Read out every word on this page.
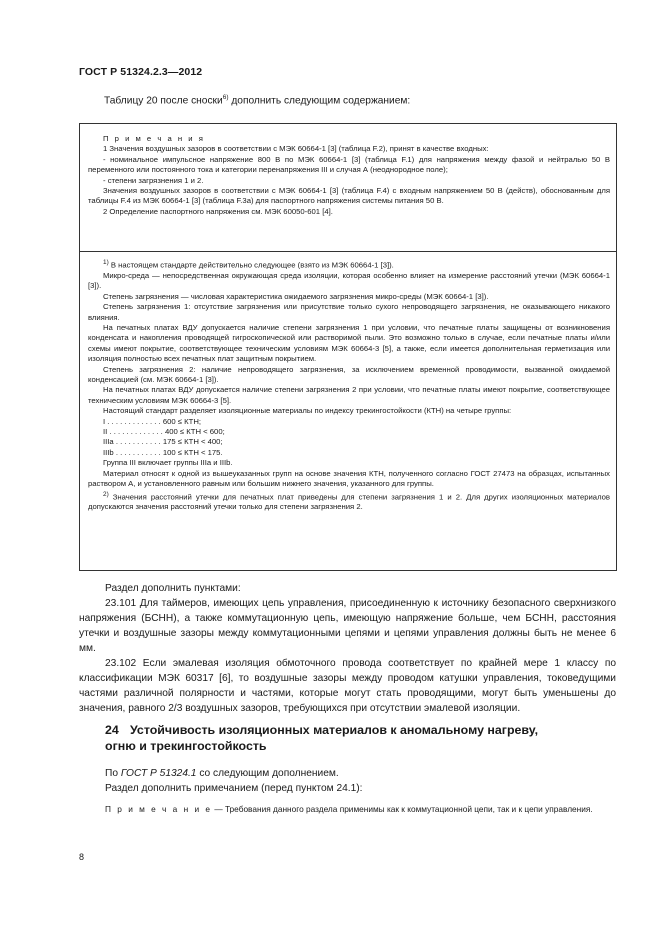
ГОСТ Р 51324.2.3—2012
Таблицу 20 после сноски$^{6)}$ дополнить следующим содержанием:

П р и м е ч а н и я

1 Значения воздушных зазоров в соответствии с МЭК 60664-1 [3] (таблица F.2), принят в качестве входных:

- номинальное импульсное напряжение 800 В по МЭК 60664-1 [3] (таблица F.1) для напряжения между фазой и нейтралью 50 В переменного или постоянного тока и категории перенапряжения III и случая А (неоднородное поле);

- степени загрязнения 1 и 2.

Значения воздушных зазоров в соответствии с МЭК 60664-1 [3] (таблица F.4) с входным напряжением 50 В (действ), обоснованным для таблицы F.4 из МЭК 60664-1 [3] (таблица F.3а) для паспортного напряжения системы питания 50 В.

2 Определение паспортного напряжения см. МЭК 60050-601 [4].

$^{1)}$ В настоящем стандарте действительно следующее (взято из МЭК 60664-1 [3]).

Микро-среда — непосредственная окружающая среда изоляции, которая особенно влияет на измерение расстояний утечки (МЭК 60664-1 [3]).

Степень загрязнения — числовая характеристика ожидаемого загрязнения микро-среды (МЭК 60664-1 [3]).

Степень загрязнения 1: отсутствие загрязнения или присутствие только сухого непроводящего загрязнения, не оказывающего никакого влияния.

На печатных платах ВДУ допускается наличие степени загрязнения 1 при условии, что печатные платы защищены от возникновения конденсата и накопления проводящей гигроскопической или растворимой пыли. Это возможно только в случае, если печатные платы и/или схемы имеют покрытие, соответствующее техническим условиям МЭК 60664-3 [5], а также, если имеется дополнительная герметизация или изоляция полностью всех печатных плат защитным покрытием.

Степень загрязнения 2: наличие непроводящего загрязнения, за исключением временной проводимости, вызванной ожидаемой конденсацией (см. МЭК 60664-1 [3]).

На печатных платах ВДУ допускается наличие степени загрязнения 2 при условии, что печатные платы имеют покрытие, соответствующее техническим условиям МЭК 60664-3 [5].

Настоящий стандарт разделяет изоляционные материалы по индексу трекингостойкости (КТН) на четыре группы:

I . . . . . . . . . . . . . 600 ≤ КТН;

II . . . . . . . . . . . . . 400 ≤ КТН < 600;

IIIa . . . . . . . . . . . 175 ≤ КТН < 400;

IIIb . . . . . . . . . . . 100 ≤ КТН < 175.

Группа III включает группы IIIа и IIIb.

Материал относят к одной из вышеуказанных групп на основе значения КТН, полученного согласно ГОСТ 27473 на образцах, испытанных раствором А, и установленного равным или большим нижнего значения, указанного для группы.

$^{2)}$ Значения расстояний утечки для печатных плат приведены для степени загрязнения 1 и 2. Для других изоляционных материалов допускаются значения расстояний утечки только для степени загрязнения 2.

Раздел дополнить пунктами:

23.101 Для таймеров, имеющих цепь управления, присоединенную к источнику безопасного сверхнизкого напряжения (БСНН), а также коммутационную цепь, имеющую напряжение больше, чем БСНН, расстояния утечки и воздушные зазоры между коммутационными цепями и цепями управления должны быть не менее 6 мм.

23.102 Если эмалевая изоляция обмоточного провода соответствует по крайней мере 1 классу по классификации МЭК 60317 [6], то воздушные зазоры между проводом катушки управления, токоведущими частями различной полярности и частями, которые могут стать проводящими, могут быть уменьшены до значения, равного 2/3 воздушных зазоров, требующихся при отсутствии эмалевой изоляции.

24 Устойчивость изоляционных материалов к аномальному нагреву,
огню и трекингостойкость

По ГОСТ Р 51324.1 со следующим дополнением.

Раздел дополнить примечанием (перед пунктом 24.1):

П р и м е ч а н и е — Требования данного раздела применимы как к коммутационной цепи, так и к цепи управления.

8
